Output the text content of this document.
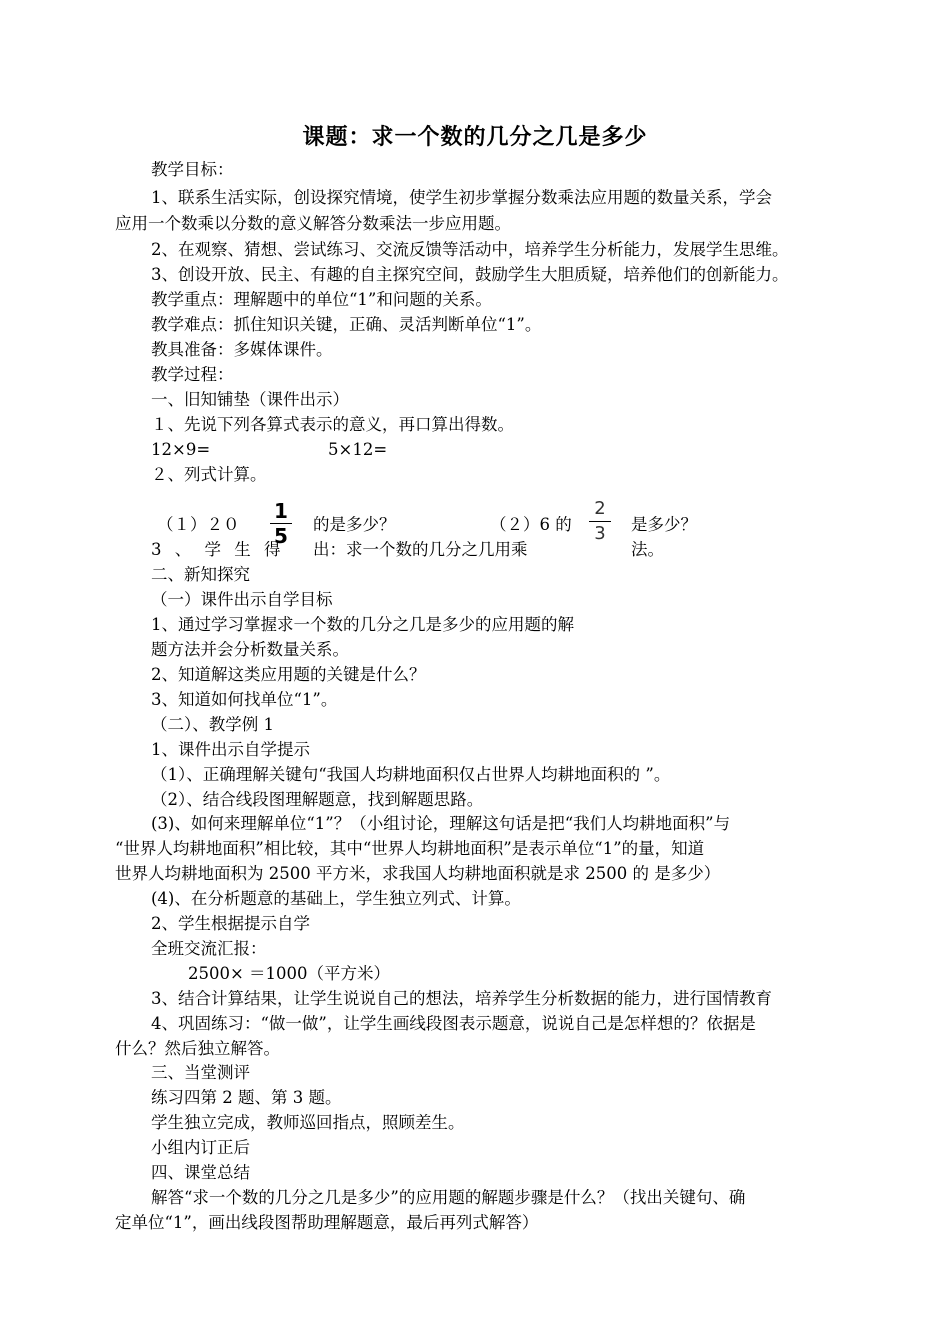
课题：求一个数的几分之几是多少
教学目标：
1、联系生活实际，创设探究情境，使学生初步掌握分数乘法应用题的数量关系，学会
应用一个数乘以分数的意义解答分数乘法一步应用题。
2、在观察、猜想、尝试练习、交流反馈等活动中，培养学生分析能力，发展学生思维。
3、创设开放、民主、有趣的自主探究空间，鼓励学生大胆质疑，培养他们的创新能力。
教学重点：理解题中的单位“1”和问题的关系。
教学难点：抓住知识关键，正确、灵活判断单位“1”。
教具准备：多媒体课件。
教学过程：
一、旧知铺垫（课件出示）
１、先说下列各算式表示的意义，再口算出得数。
12×9=	5×12=
２、列式计算。
（１）２０
1
5 的是多少？	（２）6 的
2
3 是多少？
3 、 学 生 得 出：求一个数的几分之几用乘	法。
二、新知探究
（一）课件出示自学目标
1、通过学习掌握求一个数的几分之几是多少的应用题的解
题方法并会分析数量关系。
2、知道解这类应用题的关键是什么？
3、知道如何找单位“1”。
（二）、教学例 1
1、课件出示自学提示
（1）、正确理解关键句“我国人均耕地面积仅占世界人均耕地面积的 ”。
（2）、结合线段图理解题意，找到解题思路。
(3)、如何来理解单位“1”？（小组讨论，理解这句话是把“我们人均耕地面积”与
“世界人均耕地面积”相比较，其中“世界人均耕地面积”是表示单位“1”的量，知道
世界人均耕地面积为 2500 平方米，求我国人均耕地面积就是求 2500 的 是多少）
(4)、在分析题意的基础上，学生独立列式、计算。
2、学生根据提示自学
全班交流汇报：
2500× ＝1000（平方米）
3、结合计算结果，让学生说说自己的想法，培养学生分析数据的能力，进行国情教育
4、巩固练习：“做一做”，让学生画线段图表示题意，说说自己是怎样想的？依据是
什么？然后独立解答。
三、当堂测评
练习四第 2 题、第 3 题。
学生独立完成，教师巡回指点，照顾差生。
小组内订正后
四、课堂总结
解答“求一个数的几分之几是多少”的应用题的解题步骤是什么？（找出关键句、确
定单位“1”，画出线段图帮助理解题意，最后再列式解答）
